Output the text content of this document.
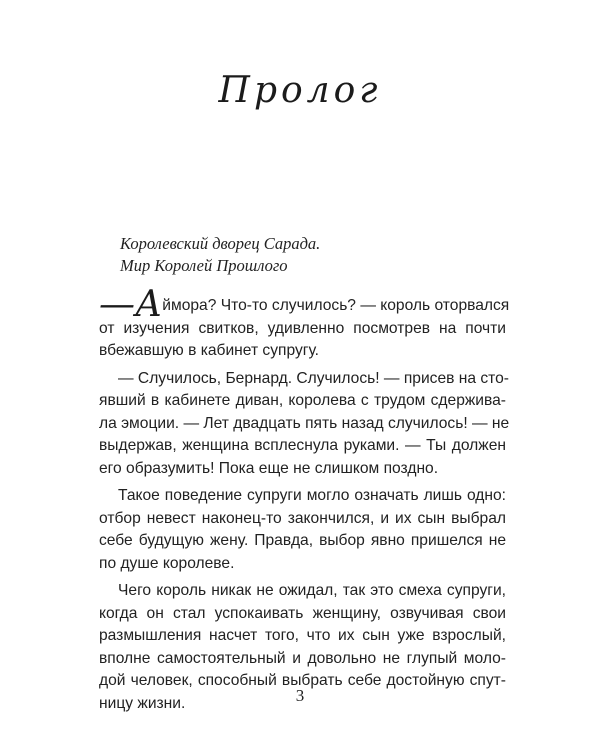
Пролог
Королевский дворец Сарада.
Мир Королей Прошлого
—Аймора? Что-то случилось? — король оторвался
от изучения свитков, удивленно посмотрев на почти
вбежавшую в кабинет супругу.
— Случилось, Бернард. Случилось! — присев на сто-
явший в кабинете диван, королева с трудом сдержива-
ла эмоции. — Лет двадцать пять назад случилось! — не
выдержав, женщина всплеснула руками. — Ты должен
его образумить! Пока еще не слишком поздно.
Такое поведение супруги могло означать лишь одно:
отбор невест наконец-то закончился, и их сын выбрал
себе будущую жену. Правда, выбор явно пришелся не
по душе королеве.
Чего король никак не ожидал, так это смеха супруги,
когда он стал успокаивать женщину, озвучивая свои
размышления насчет того, что их сын уже взрослый,
вполне самостоятельный и довольно не глупый моло-
дой человек, способный выбрать себе достойную спут-
ницу жизни.	3
